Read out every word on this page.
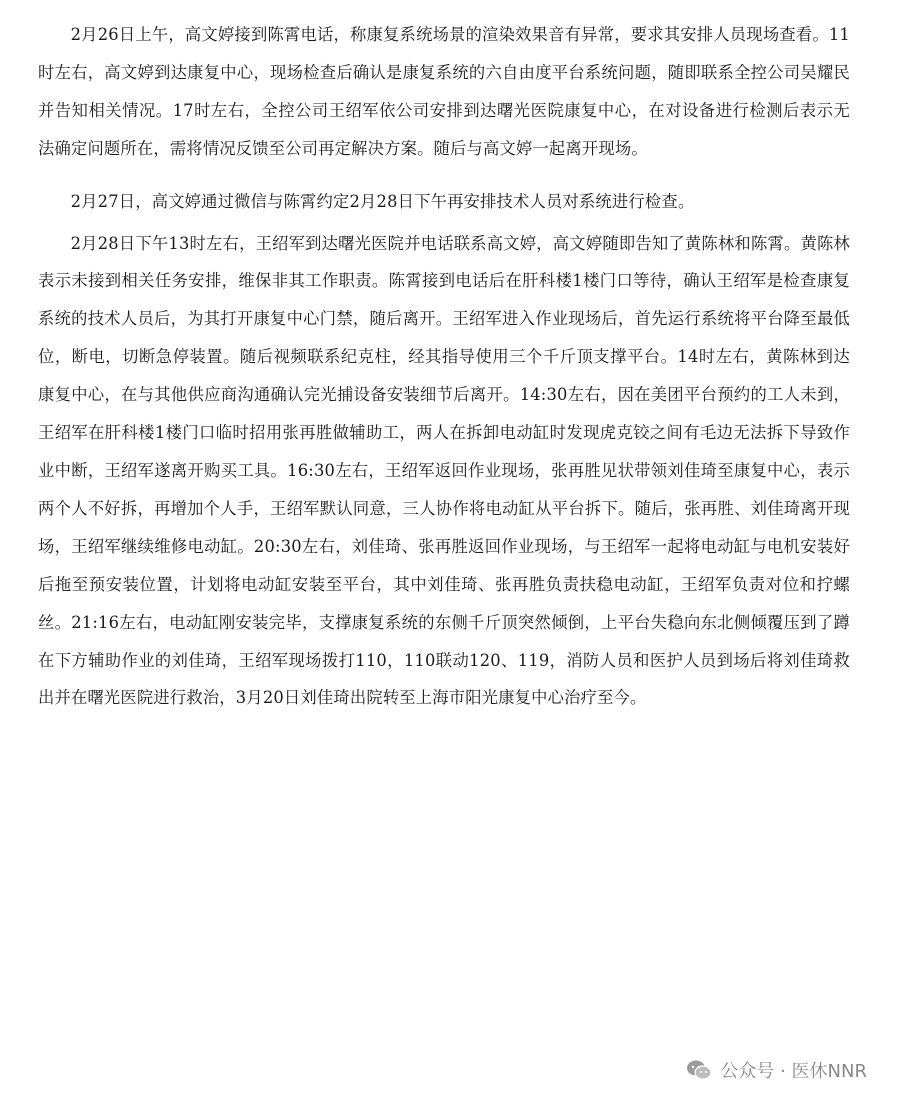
2月26日上午，高文婷接到陈霄电话，称康复系统场景的渲染效果音有异常，要求其安排人员现场查看。11时左右，高文婷到达康复中心，现场检查后确认是康复系统的六自由度平台系统问题，随即联系全控公司吴耀民并告知相关情况。17时左右，全控公司王绍军依公司安排到达曙光医院康复中心，在对设备进行检测后表示无法确定问题所在，需将情况反馈至公司再定解决方案。随后与高文婷一起离开现场。

2月27日，高文婷通过微信与陈霄约定2月28日下午再安排技术人员对系统进行检查。

2月28日下午13时左右，王绍军到达曙光医院并电话联系高文婷，高文婷随即告知了黄陈林和陈霄。黄陈林表示未接到相关任务安排，维保非其工作职责。陈霄接到电话后在肝科楼1楼门口等待，确认王绍军是检查康复系统的技术人员后，为其打开康复中心门禁，随后离开。王绍军进入作业现场后，首先运行系统将平台降至最低位，断电，切断急停装置。随后视频联系纪克柱，经其指导使用三个千斤顶支撑平台。14时左右，黄陈林到达康复中心，在与其他供应商沟通确认完光捕设备安装细节后离开。14:30左右，因在美团平台预约的工人未到，王绍军在肝科楼1楼门口临时招用张再胜做辅助工，两人在拆卸电动缸时发现虎克铰之间有毛边无法拆下导致作业中断，王绍军遂离开购买工具。16:30左右，王绍军返回作业现场，张再胜见状带领刘佳琦至康复中心，表示两个人不好拆，再增加个人手，王绍军默认同意，三人协作将电动缸从平台拆下。随后，张再胜、刘佳琦离开现场，王绍军继续维修电动缸。20:30左右，刘佳琦、张再胜返回作业现场，与王绍军一起将电动缸与电机安装好后拖至预安装位置，计划将电动缸安装至平台，其中刘佳琦、张再胜负责扶稳电动缸，王绍军负责对位和拧螺丝。21:16左右，电动缸刚安装完毕，支撑康复系统的东侧千斤顶突然倾倒，上平台失稳向东北侧倾覆压到了蹲在下方辅助作业的刘佳琦，王绍军现场拨打110，110联动120、119，消防人员和医护人员到场后将刘佳琦救出并在曙光医院进行救治，3月20日刘佳琦出院转至上海市阳光康复中心治疗至今。

公众号 · 医休NNR
